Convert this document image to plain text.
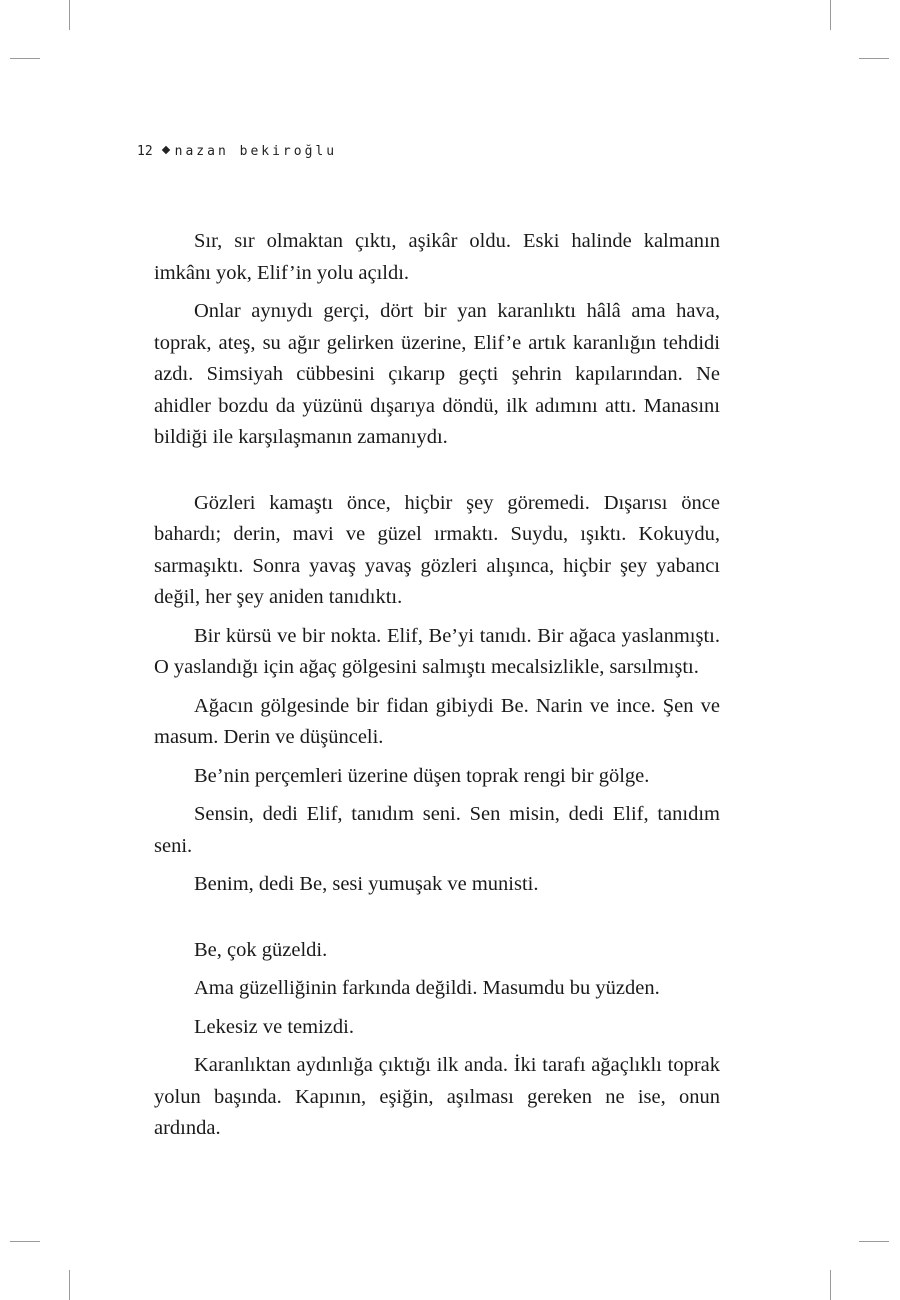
12 nazan bekiroğlu

Sır, sır olmaktan çıktı, aşikâr oldu. Eski halinde kalmanın imkânı yok, Elif’in yolu açıldı.

Onlar aynıydı gerçi, dört bir yan karanlıktı hâlâ ama hava, toprak, ateş, su ağır gelirken üzerine, Elif’e artık karanlığın tehdidi azdı. Simsiyah cübbesini çıkarıp geçti şehrin kapılarından. Ne ahidler bozdu da yüzünü dışarıya döndü, ilk adımını attı. Manasını bildiği ile karşılaşmanın zamanıydı.

Gözleri kamaştı önce, hiçbir şey göremedi. Dışarısı önce bahardı; derin, mavi ve güzel ırmaktı. Suydu, ışıktı. Kokuydu, sarmaşıktı. Sonra yavaş yavaş gözleri alışınca, hiçbir şey yabancı değil, her şey aniden tanıdıktı.

Bir kürsü ve bir nokta. Elif, Be’yi tanıdı. Bir ağaca yaslanmıştı. O yaslandığı için ağaç gölgesini salmıştı mecalsizlikle, sarsılmıştı.

Ağacın gölgesinde bir fidan gibiydi Be. Narin ve ince. Şen ve masum. Derin ve düşünceli.

Be’nin perçemleri üzerine düşen toprak rengi bir gölge.

Sensin, dedi Elif, tanıdım seni. Sen misin, dedi Elif, tanıdım seni.

Benim, dedi Be, sesi yumuşak ve munisti.

Be, çok güzeldi.

Ama güzelliğinin farkında değildi. Masumdu bu yüzden.

Lekesiz ve temizdi.

Karanlıktan aydınlığa çıktığı ilk anda. İki tarafı ağaçlıklı toprak yolun başında. Kapının, eşiğin, aşılması gereken ne ise, onun ardında.
